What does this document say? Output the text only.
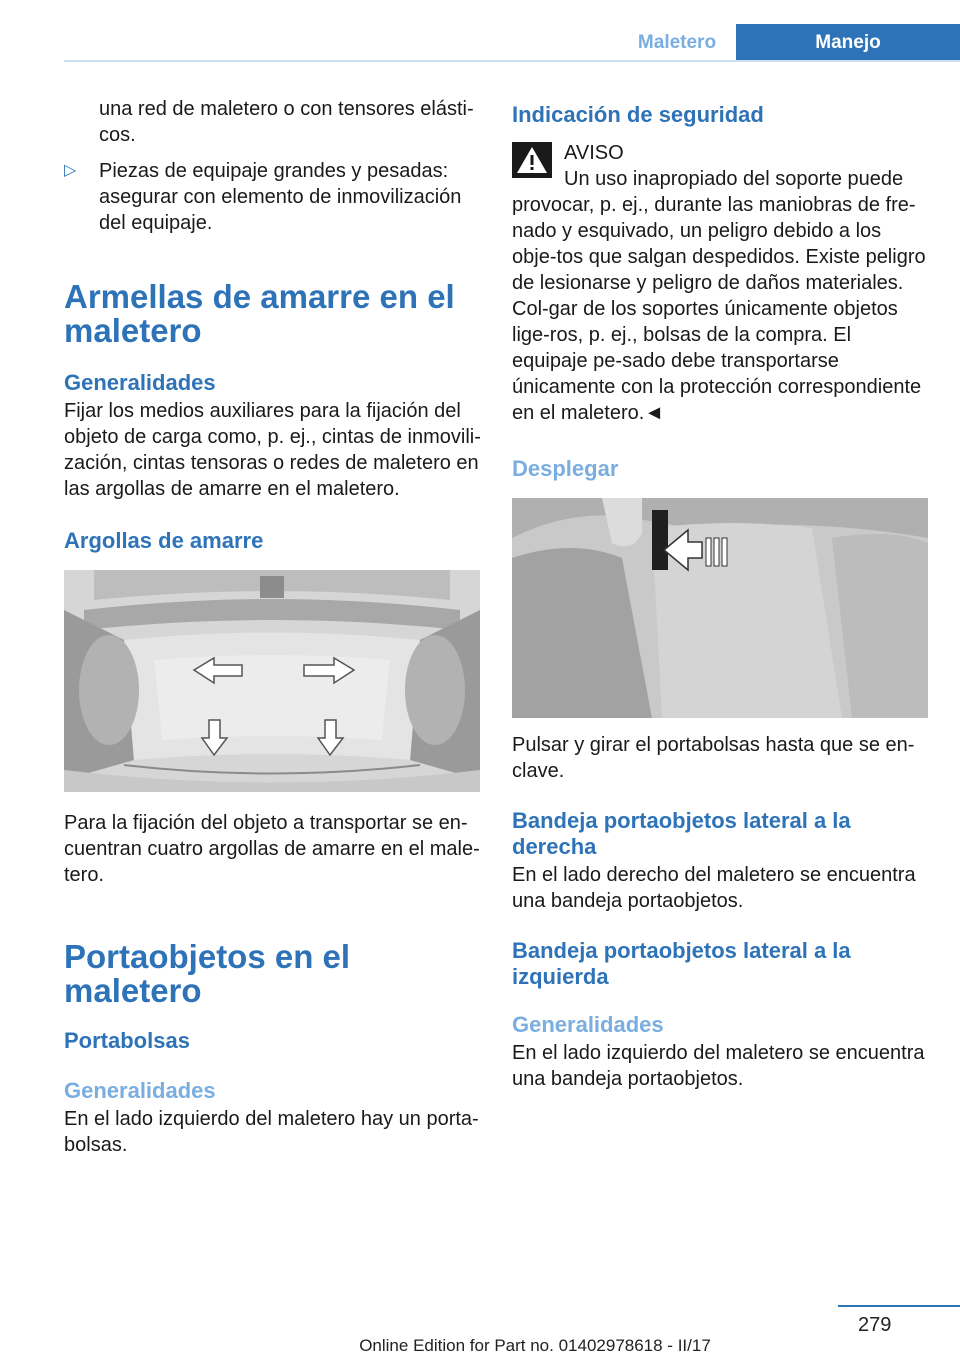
Maletero	Manejo

una red de maletero o con tensores elásti‐cos.

▷ Piezas de equipaje grandes y pesadas: asegurar con elemento de inmovilización del equipaje.
Armellas de amarre en el maletero
Generalidades

Fijar los medios auxiliares para la fijación del objeto de carga como, p. ej., cintas de inmovili‐zación, cintas tensoras o redes de maletero en las argollas de amarre en el maletero.

Argollas de amarre

Para la fijación del objeto a transportar se en‐cuentran cuatro argollas de amarre en el male‐tero.

Portaobjetos en el maletero
Portabolsas
Generalidades

En el lado izquierdo del maletero hay un porta‐bolsas.

Indicación de seguridad
AVISO

Un uso inapropiado del soporte puede provocar, p. ej., durante las maniobras de fre‐nado y esquivado, un peligro debido a los obje‐tos que salgan despedidos. Existe peligro de lesionarse y peligro de daños materiales. Col‐gar de los soportes únicamente objetos lige‐ros, p. ej., bolsas de la compra. El equipaje pe‐sado debe transportarse únicamente con la protección correspondiente en el maletero.◄

Desplegar

Pulsar y girar el portabolsas hasta que se en‐clave.

Bandeja portaobjetos lateral a la derecha

En el lado derecho del maletero se encuentra una bandeja portaobjetos.

Bandeja portaobjetos lateral a la izquierda
Generalidades

En el lado izquierdo del maletero se encuentra una bandeja portaobjetos.

279
Online Edition for Part no. 01402978618 - II/17
